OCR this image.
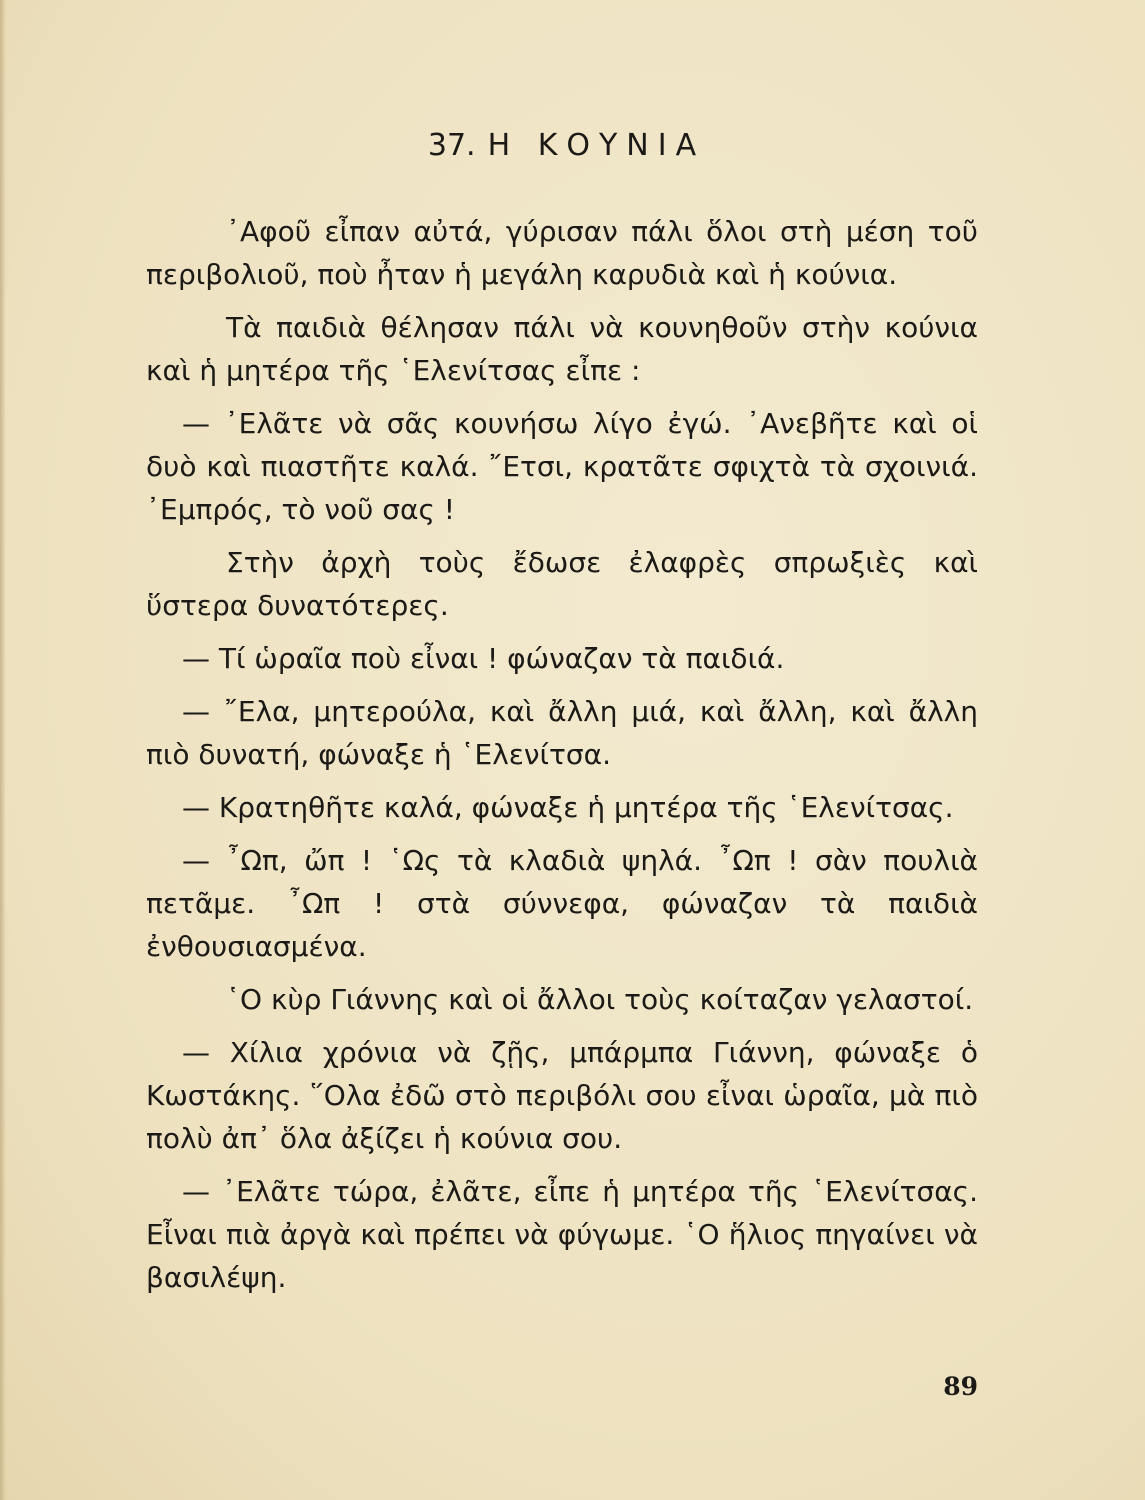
37. Η ΚΟΥΝΙΑ

᾿Αφοῦ εἶπαν αὐτά, γύρισαν πάλι ὅλοι στὴ μέση τοῦ περιβολιοῦ, ποὺ ἦταν ἡ μεγάλη καρυδιὰ καὶ ἡ κούνια.

Τὰ παιδιὰ θέλησαν πάλι νὰ κουνηθοῦν στὴν κούνια καὶ ἡ μητέρα τῆς ῾Ελενίτσας εἶπε :

— ᾿Ελᾶτε νὰ σᾶς κουνήσω λίγο ἐγώ. ᾿Ανεβῆτε καὶ οἱ δυὸ καὶ πιαστῆτε καλά. ῎Ετσι, κρατᾶτε σφιχτὰ τὰ σχοινιά. ᾿Εμπρός, τὸ νοῦ σας !

Στὴν ἀρχὴ τοὺς ἔδωσε ἐλαφρὲς σπρωξιὲς καὶ ὕστερα δυνατότερες.

— Τί ὡραῖα ποὺ εἶναι ! φώναζαν τὰ παιδιά.

— ῎Ελα, μητερούλα, καὶ ἄλλη μιά, καὶ ἄλλη, καὶ ἄλλη πιὸ δυνατή, φώναξε ἡ ῾Ελενίτσα.

— Κρατηθῆτε καλά, φώναξε ἡ μητέρα τῆς ῾Ελενίτσας.

— ῏Ωπ, ὤπ ! ῾Ως τὰ κλαδιὰ ψηλά. ῏Ωπ ! σὰν πουλιὰ πετᾶμε. ῏Ωπ ! στὰ σύννεφα, φώναζαν τὰ παιδιὰ ἐνθουσιασμένα.

῾Ο κὺρ Γιάννης καὶ οἱ ἄλλοι τοὺς κοίταζαν γελαστοί.

— Χίλια χρόνια νὰ ζῇς, μπάρμπα Γιάννη, φώναξε ὁ Κωστάκης. ῞Ολα ἐδῶ στὸ περιβόλι σου εἶναι ὡραῖα, μὰ πιὸ πολὺ ἀπ᾿ ὅλα ἀξίζει ἡ κούνια σου.

— ᾿Ελᾶτε τώρα, ἐλᾶτε, εἶπε ἡ μητέρα τῆς ῾Ελενίτσας. Εἶναι πιὰ ἀργὰ καὶ πρέπει νὰ φύγωμε. ῾Ο ἥλιος πηγαίνει νὰ βασιλέψη.

89
